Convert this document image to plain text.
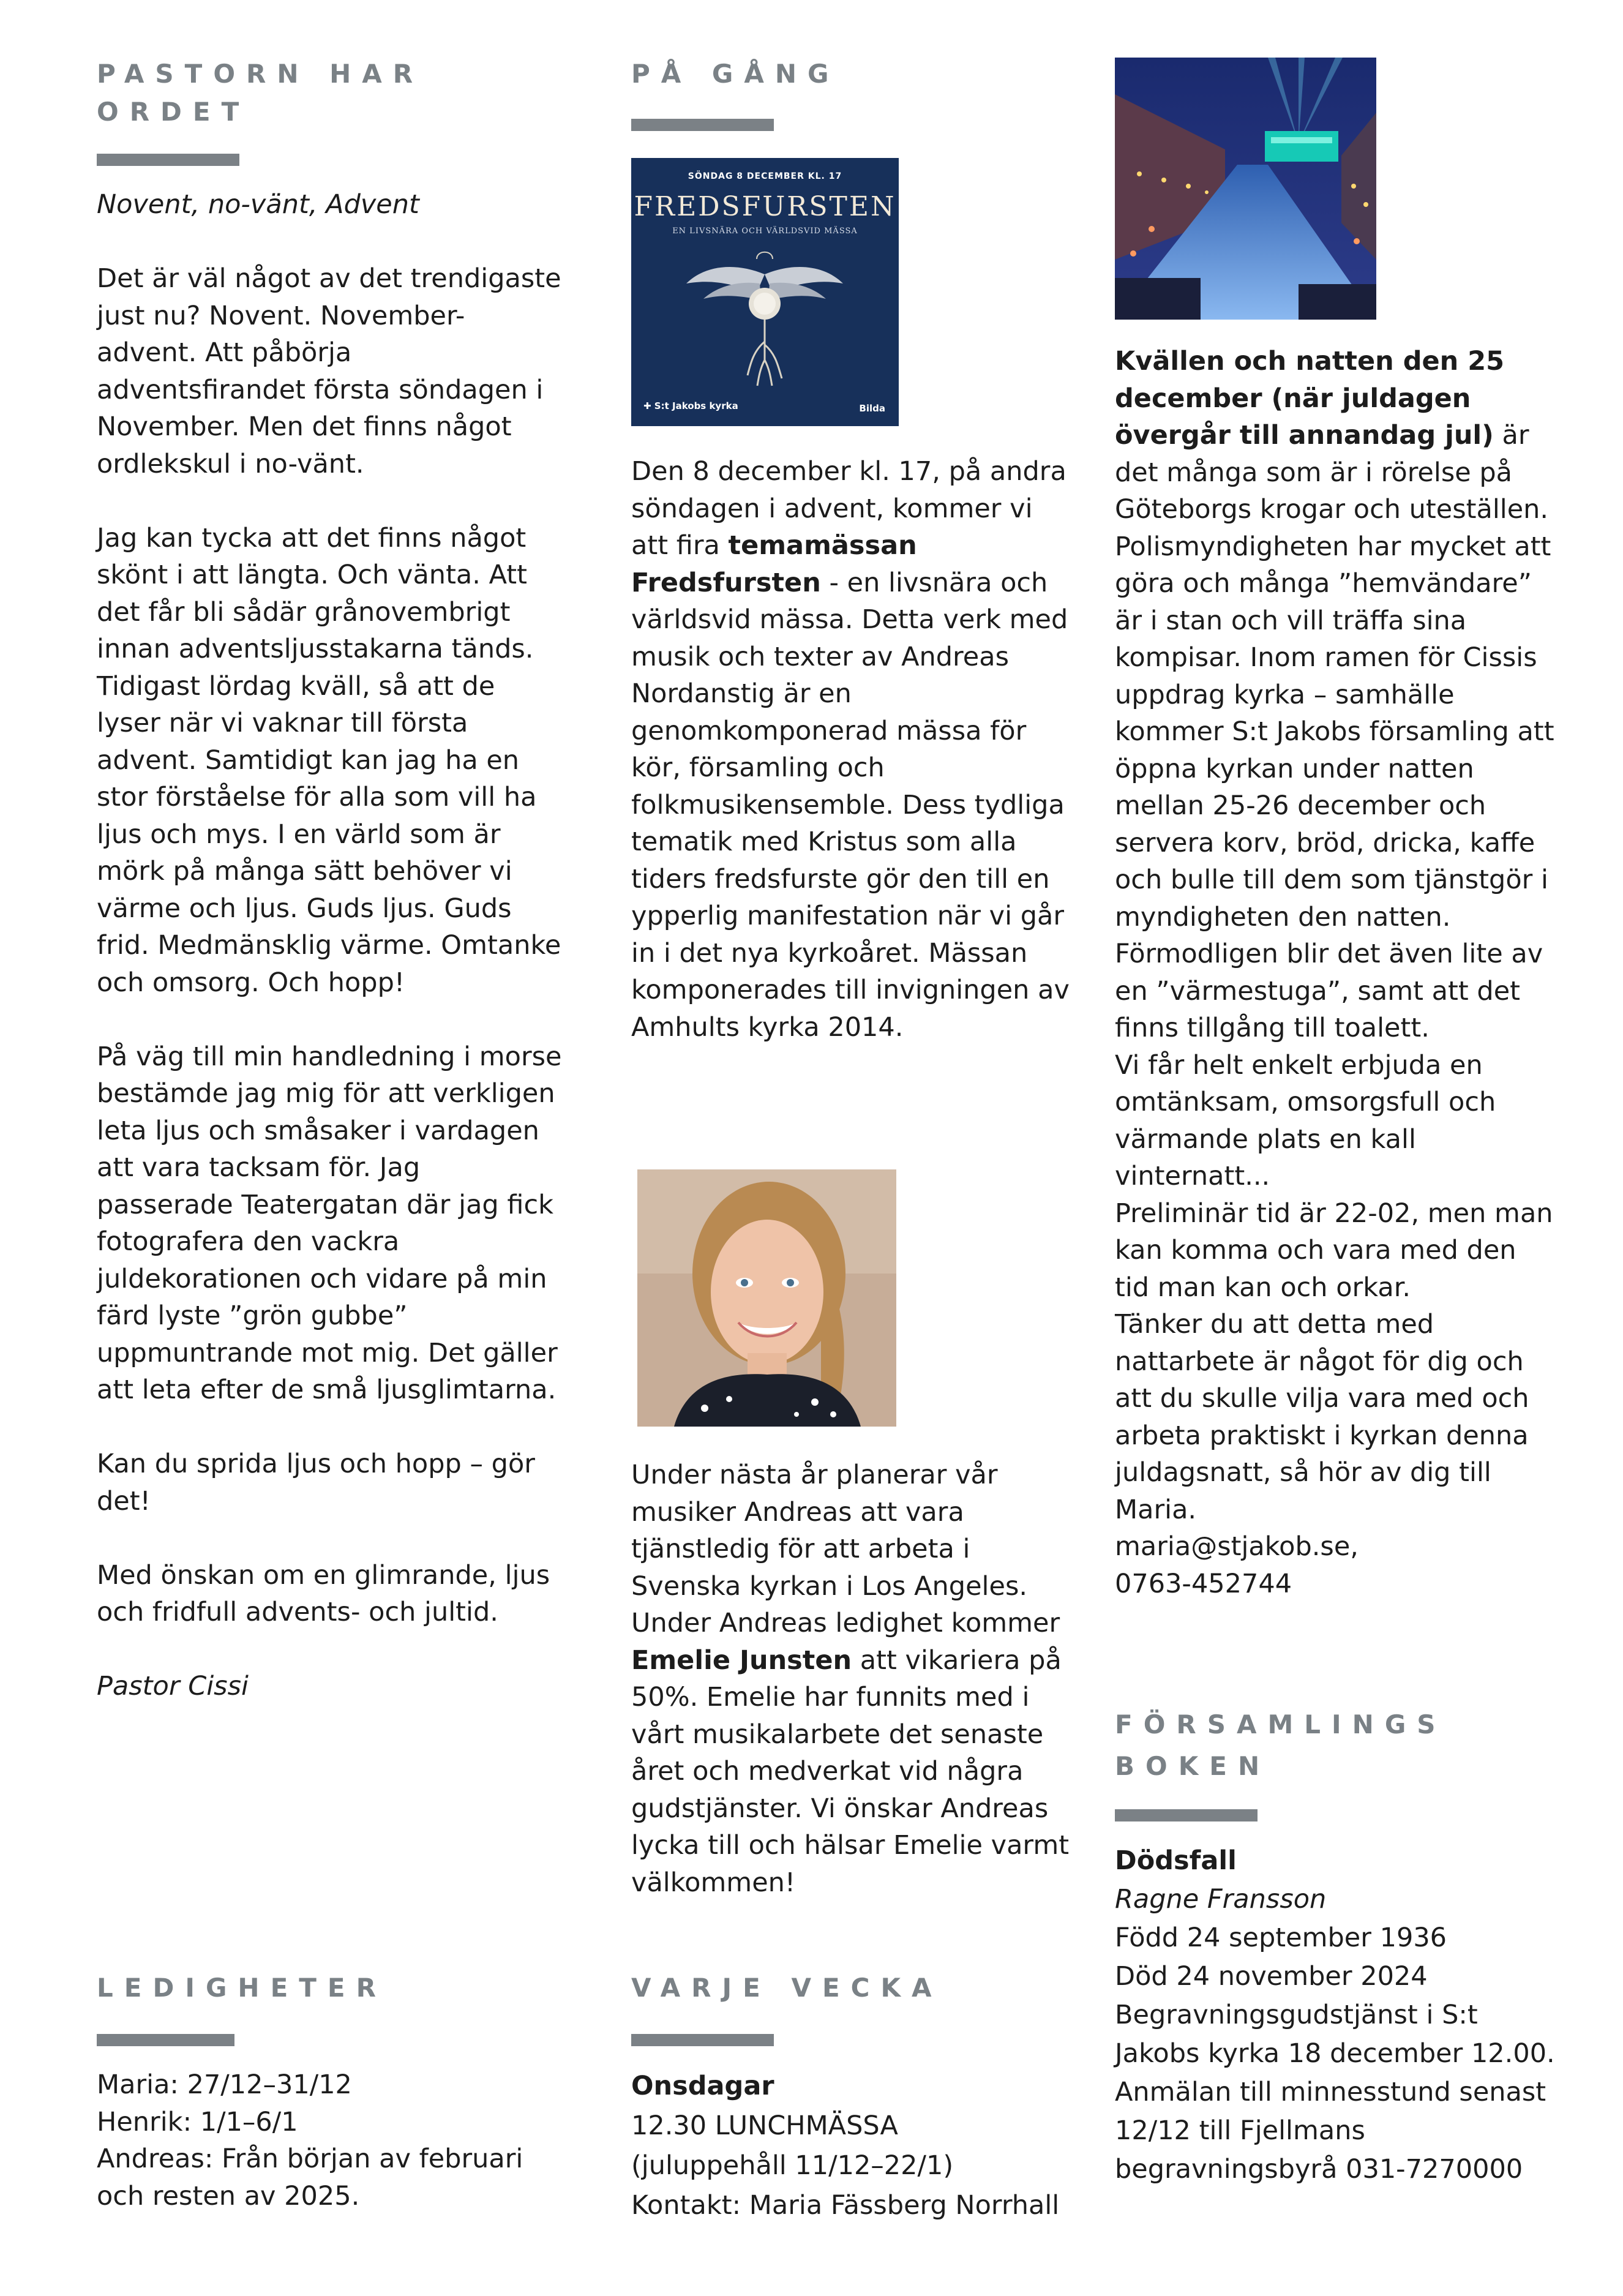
PASTORN HAR ORDET

Novent, no-vänt, Advent

Det är väl något av det trendigaste just nu? Novent. November-advent. Att påbörja adventsfirandet första söndagen i November. Men det finns något ordlekskul i no-vänt.

Jag kan tycka att det finns något skönt i att längta. Och vänta. Att det får bli sådär grånovembrigt innan adventsljusstakarna tänds. Tidigast lördag kväll, så att de lyser när vi vaknar till första advent. Samtidigt kan jag ha en stor förståelse för alla som vill ha ljus och mys. I en värld som är mörk på många sätt behöver vi värme och ljus. Guds ljus. Guds frid. Medmänsklig värme. Omtanke och omsorg. Och hopp!

På väg till min handledning i morse bestämde jag mig för att verkligen leta ljus och småsaker i vardagen att vara tacksam för. Jag passerade Teatergatan där jag fick fotografera den vackra juldekorationen och vidare på min färd lyste ”grön gubbe” uppmuntrande mot mig. Det gäller att leta efter de små ljusglimtarna.

Kan du sprida ljus och hopp – gör det!

Med önskan om en glimrande, ljus och fridfull advents- och jultid.

Pastor Cissi

LEDIGHETER

Maria: 27/12–31/12

Henrik: 1/1–6/1

Andreas: Från början av februari och resten av 2025.

PÅ GÅNG
SÖNDAG 8 DECEMBER KL. 17
FREDSFURSTEN
EN LIVSNÄRA OCH VÄRLDSVID MÄSSA
✚ S:t Jakobs kyrka	Bilda

Den 8 december kl. 17, på andra söndagen i advent, kommer vi att fira temamässan Fredsfursten - en livsnära och världsvid mässa. Detta verk med musik och texter av Andreas Nordanstig är en genomkomponerad mässa för kör, församling och folkmusikensemble. Dess tydliga tematik med Kristus som alla tiders fredsfurste gör den till en ypperlig manifestation när vi går in i det nya kyrkoåret. Mässan komponerades till invigningen av Amhults kyrka 2014.

Under nästa år planerar vår musiker Andreas att vara tjänstledig för att arbeta i Svenska kyrkan i Los Angeles. Under Andreas ledighet kommer Emelie Junsten att vikariera på 50%. Emelie har funnits med i vårt musikalarbete det senaste året och medverkat vid några gudstjänster. Vi önskar Andreas lycka till och hälsar Emelie varmt välkommen!

VARJE VECKA

Onsdagar

12.30 LUNCHMÄSSA

(juluppehåll 11/12–22/1)

Kontakt: Maria Fässberg Norrhall

Kvällen och natten den 25 december (när juldagen övergår till annandag jul) är det många som är i rörelse på Göteborgs krogar och uteställen. Polismyndigheten har mycket att göra och många ”hemvändare” är i stan och vill träffa sina kompisar. Inom ramen för Cissis uppdrag kyrka – samhälle kommer S:t Jakobs församling att öppna kyrkan under natten mellan 25-26 december och servera korv, bröd, dricka, kaffe och bulle till dem som tjänstgör i myndigheten den natten. Förmodligen blir det även lite av en ”värmestuga”, samt att det finns tillgång till toalett.

Vi får helt enkelt erbjuda en omtänksam, omsorgsfull och värmande plats en kall vinternatt...

Preliminär tid är 22-02, men man kan komma och vara med den tid man kan och orkar.

Tänker du att detta med nattarbete är något för dig och att du skulle vilja vara med och arbeta praktiskt i kyrkan denna juldagsnatt, så hör av dig till Maria.

maria@stjakob.se,

0763-452744

FÖRSAMLINGS BOKEN

Dödsfall

Ragne Fransson

Född 24 september 1936

Död 24 november 2024

Begravningsgudstjänst i S:t Jakobs kyrka 18 december 12.00.

Anmälan till minnesstund senast 12/12 till Fjellmans begravningsbyrå 031-7270000
